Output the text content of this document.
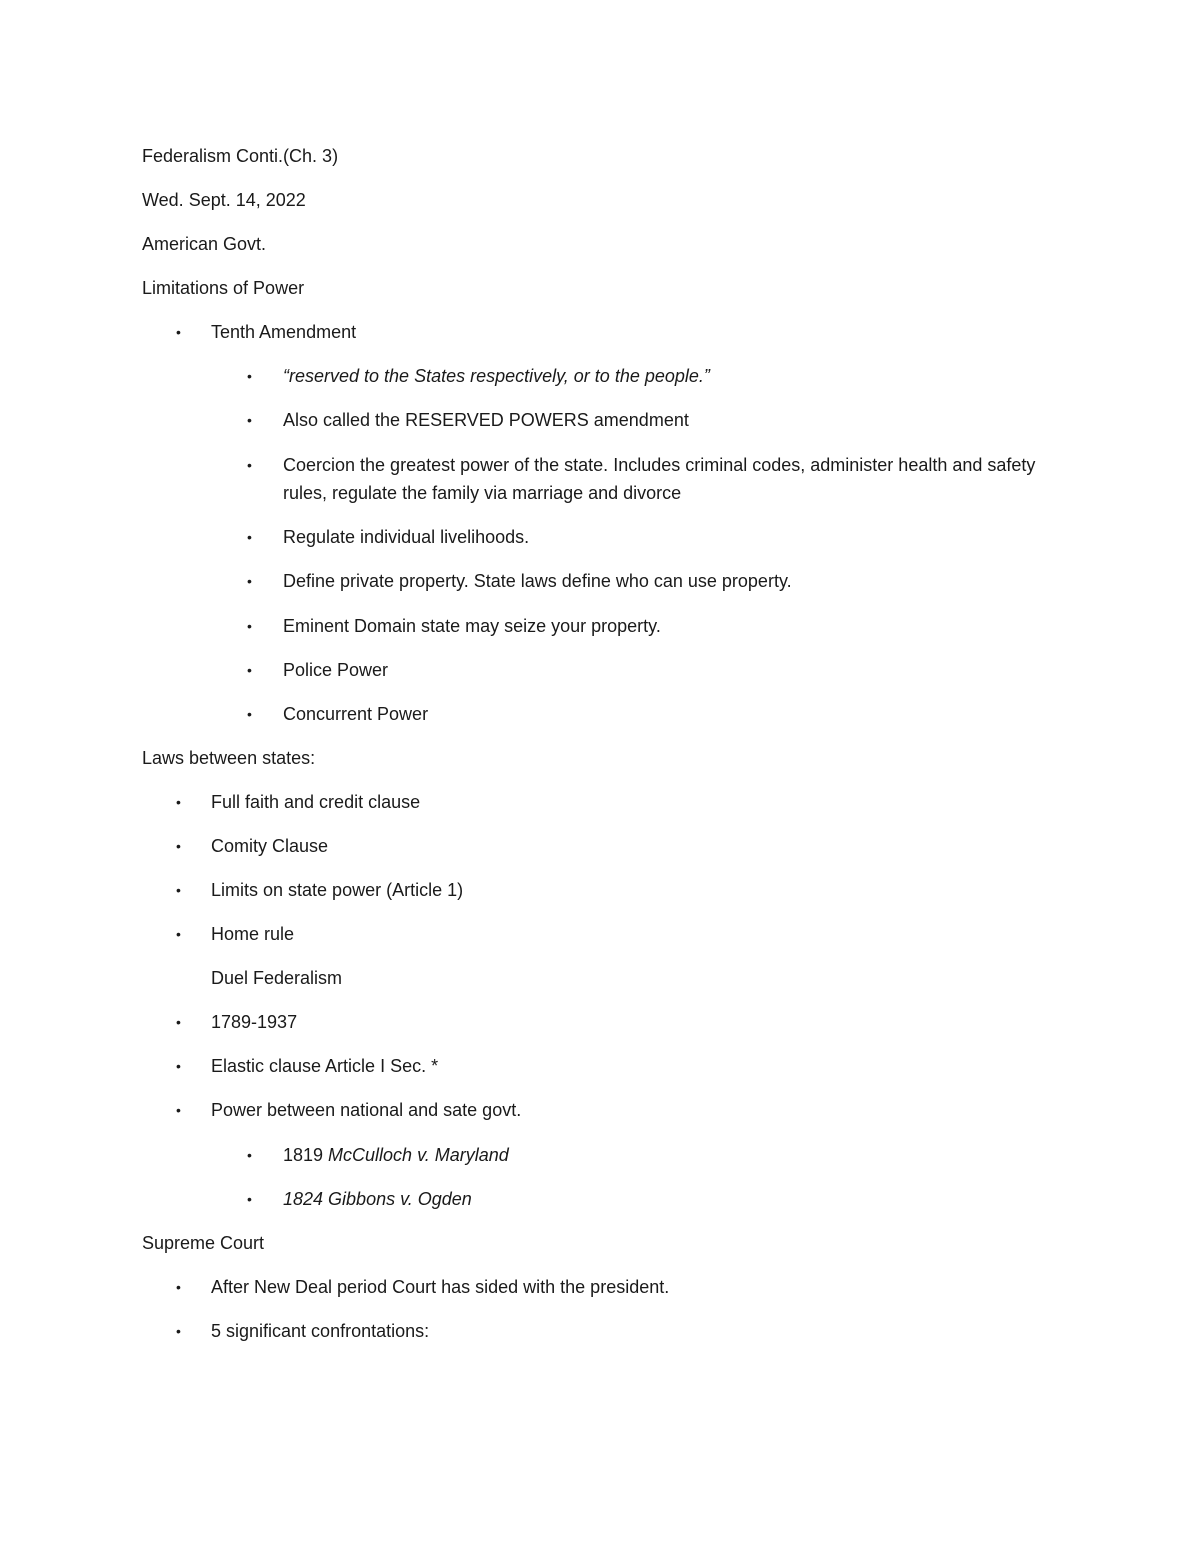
Federalism Conti.(Ch. 3)
Wed. Sept. 14, 2022
American Govt.
Limitations of Power
• Tenth Amendment
• “reserved to the States respectively, or to the people.”
• Also called the RESERVED POWERS amendment
• Coercion the greatest power of the state. Includes criminal codes, administer health and safety rules, regulate the family via marriage and divorce
• Regulate individual livelihoods.
• Define private property. State laws define who can use property.
• Eminent Domain state may seize your property.
• Police Power
• Concurrent Power
Laws between states:
• Full faith and credit clause
• Comity Clause
• Limits on state power (Article 1)
• Home rule
Duel Federalism
• 1789-1937
• Elastic clause Article I Sec. *
• Power between national and sate govt.
• 1819 McCulloch v. Maryland
• 1824 Gibbons v. Ogden
Supreme Court
• After New Deal period Court has sided with the president.
• 5 significant confrontations:
